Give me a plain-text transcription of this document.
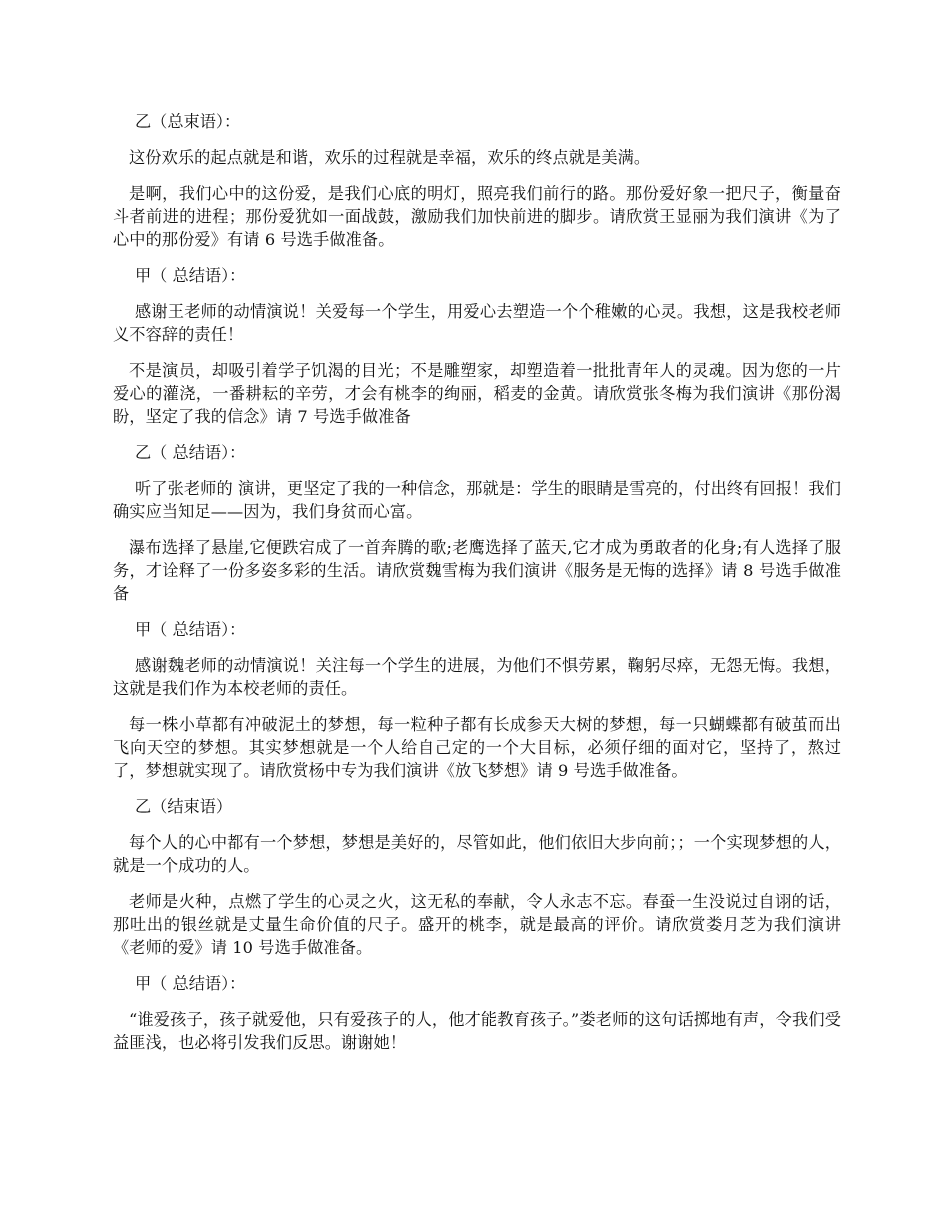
乙（总束语）：

这份欢乐的起点就是和谐，欢乐的过程就是幸福，欢乐的终点就是美满。

是啊，我们心中的这份爱，是我们心底的明灯，照亮我们前行的路。那份爱好象一把尺子，衡量奋斗者前进的进程；那份爱犹如一面战鼓，激励我们加快前进的脚步。请欣赏王显丽为我们演讲《为了心中的那份爱》有请 6 号选手做准备。

甲（ 总结语）：

感谢王老师的动情演说！关爱每一个学生，用爱心去塑造一个个稚嫩的心灵。我想，这是我校老师义不容辞的责任！

不是演员，却吸引着学子饥渴的目光；不是雕塑家，却塑造着一批批青年人的灵魂。因为您的一片爱心的灌浇，一番耕耘的辛劳，才会有桃李的绚丽，稻麦的金黄。请欣赏张冬梅为我们演讲《那份渴盼，坚定了我的信念》请 7 号选手做准备

乙（ 总结语）：

听了张老师的 演讲，更坚定了我的一种信念，那就是：学生的眼睛是雪亮的，付出终有回报！我们确实应当知足——因为，我们身贫而心富。

瀑布选择了悬崖,它便跌宕成了一首奔腾的歌;老鹰选择了蓝天,它才成为勇敢者的化身;有人选择了服务，才诠释了一份多姿多彩的生活。请欣赏魏雪梅为我们演讲《服务是无悔的选择》请 8 号选手做准备

甲（ 总结语）：

感谢魏老师的动情演说！关注每一个学生的进展，为他们不惧劳累，鞠躬尽瘁，无怨无悔。我想，这就是我们作为本校老师的责任。

每一株小草都有冲破泥土的梦想，每一粒种子都有长成参天大树的梦想，每一只蝴蝶都有破茧而出飞向天空的梦想。其实梦想就是一个人给自己定的一个大目标，必须仔细的面对它，坚持了，熬过了，梦想就实现了。请欣赏杨中专为我们演讲《放飞梦想》请 9 号选手做准备。

乙（结束语）

每个人的心中都有一个梦想，梦想是美好的，尽管如此，他们依旧大步向前；；一个实现梦想的人，就是一个成功的人。

老师是火种，点燃了学生的心灵之火，这无私的奉献，令人永志不忘。春蚕一生没说过自诩的话，那吐出的银丝就是丈量生命价值的尺子。盛开的桃李，就是最高的评价。请欣赏娄月芝为我们演讲《老师的爱》请 10 号选手做准备。

甲（ 总结语）：

“谁爱孩子，孩子就爱他，只有爱孩子的人，他才能教育孩子。”娄老师的这句话掷地有声，令我们受益匪浅，也必将引发我们反思。谢谢她！
